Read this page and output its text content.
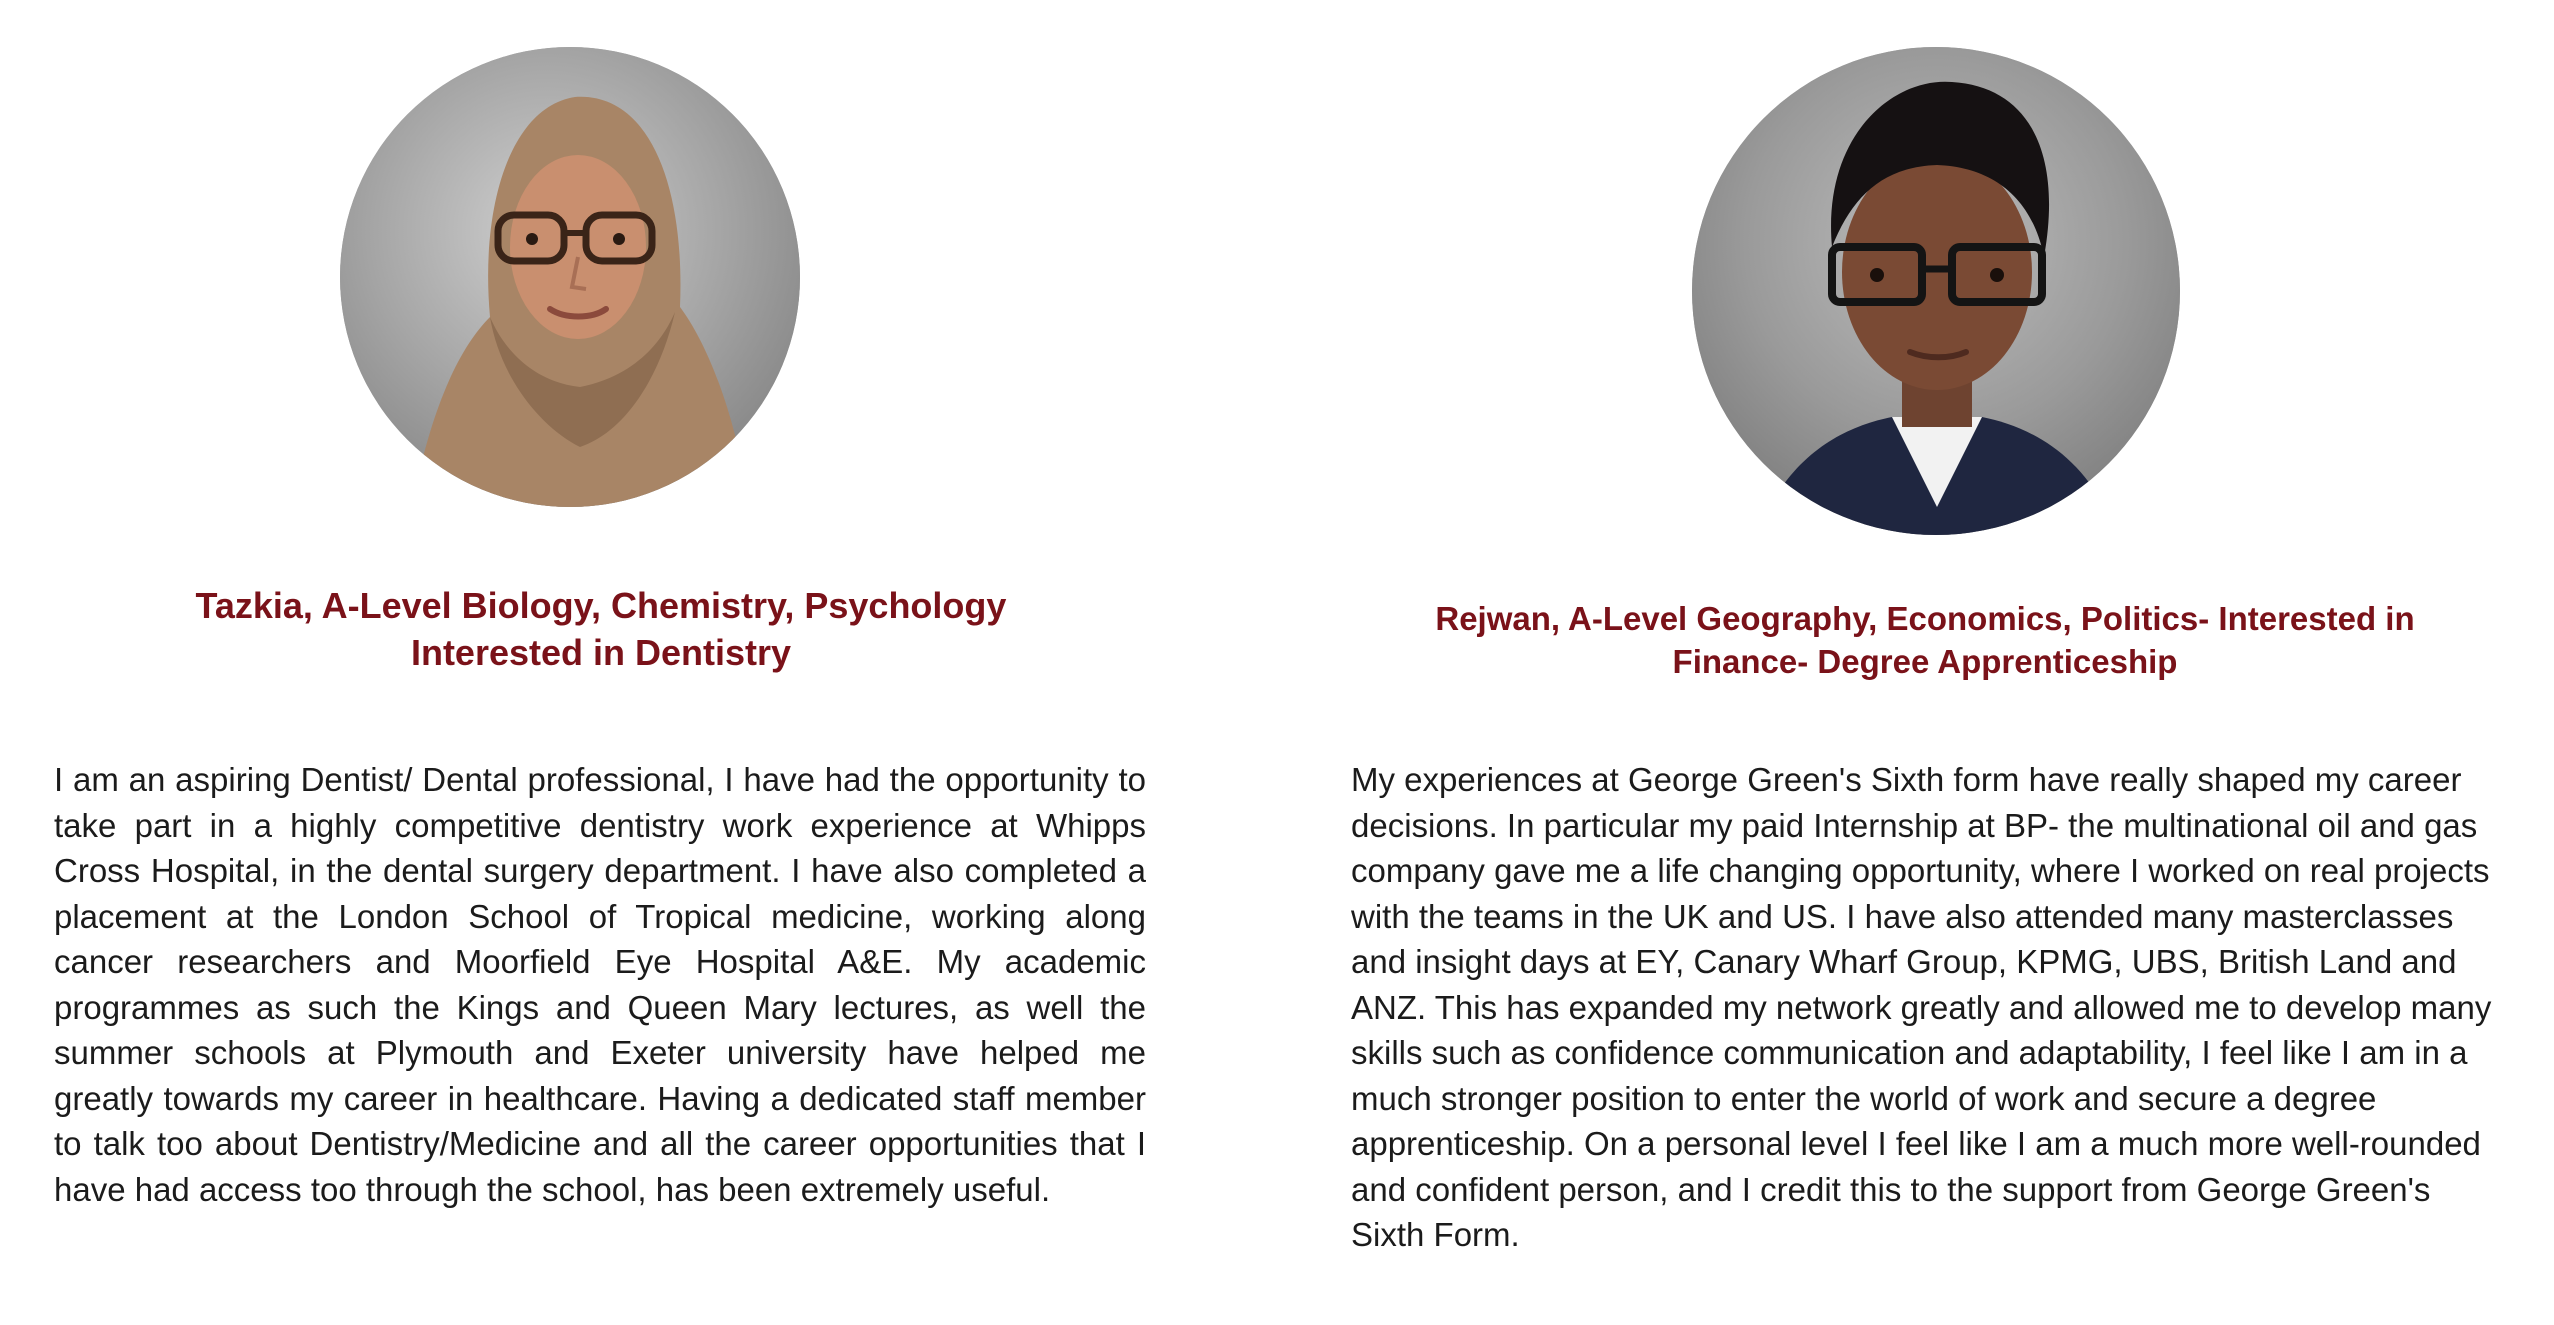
Tazkia, A-Level Biology, Chemistry, Psychology
Interested in Dentistry

I am an aspiring Dentist/ Dental professional, I have had the opportunity to take part in a highly competitive dentistry work experience at Whipps Cross Hospital, in the dental surgery department. I have also completed a placement at the London School of Tropical medicine, working along cancer researchers and Moorfield Eye Hospital A&E. My academic programmes as such the Kings and Queen Mary lectures, as well the summer schools at Plymouth and Exeter university have helped me greatly towards my career in healthcare. Having a dedicated staff member to talk too about Dentistry/Medicine and all the career opportunities that I have had access too through the school, has been extremely useful.

Rejwan, A-Level Geography, Economics, Politics- Interested in
Finance- Degree Apprenticeship

My experiences at George Green's Sixth form have really shaped my career decisions. In particular my paid Internship at BP- the multinational oil and gas company gave me a life changing opportunity, where I worked on real projects with the teams in the UK and US. I have also attended many masterclasses and insight days at EY, Canary Wharf Group, KPMG, UBS, British Land and ANZ. This has expanded my network greatly and allowed me to develop many skills such as confidence communication and adaptability, I feel like I am in a much stronger position to enter the world of work and secure a degree apprenticeship. On a personal level I feel like I am a much more well-rounded and confident person, and I credit this to the support from George Green's Sixth Form.
